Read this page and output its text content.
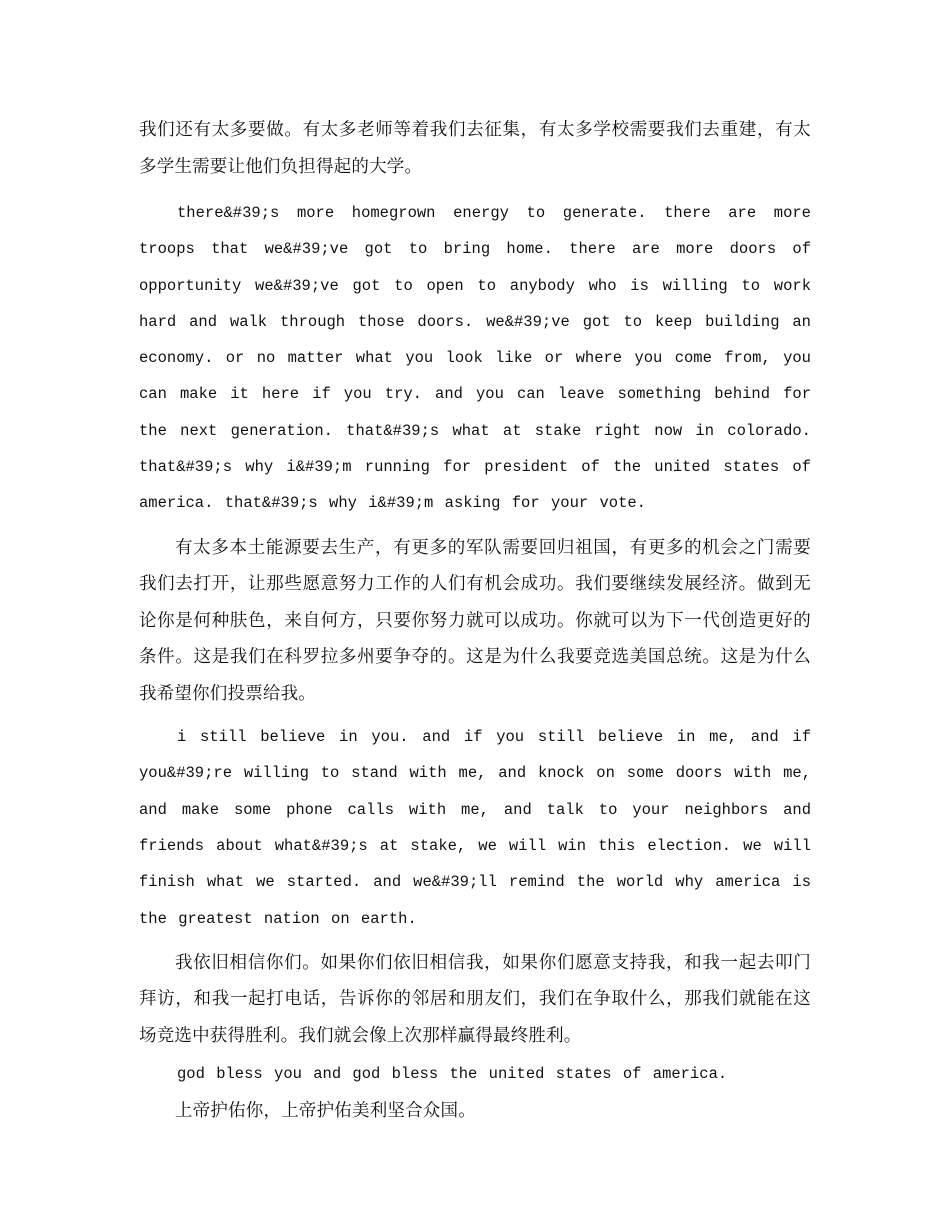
我们还有太多要做。有太多老师等着我们去征集，有太多学校需要我们去重建，有太多学生需要让他们负担得起的大学。

there&#39;s more homegrown energy to generate. there are more troops that we&#39;ve got to bring home. there are more doors of opportunity we&#39;ve got to open to anybody who is willing to work hard and walk through those doors. we&#39;ve got to keep building an economy. or no matter what you look like or where you come from, you can make it here if you try. and you can leave something behind for the next generation. that&#39;s what at stake right now in colorado. that&#39;s why i&#39;m running for president of the united states of america. that&#39;s why i&#39;m asking for your vote.

有太多本土能源要去生产，有更多的军队需要回归祖国，有更多的机会之门需要我们去打开，让那些愿意努力工作的人们有机会成功。我们要继续发展经济。做到无论你是何种肤色，来自何方，只要你努力就可以成功。你就可以为下一代创造更好的条件。这是我们在科罗拉多州要争夺的。这是为什么我要竞选美国总统。这是为什么我希望你们投票给我。

i still believe in you. and if you still believe in me, and if you&#39;re willing to stand with me, and knock on some doors with me, and make some phone calls with me, and talk to your neighbors and friends about what&#39;s at stake, we will win this election. we will finish what we started. and we&#39;ll remind the world why america is the greatest nation on earth.

我依旧相信你们。如果你们依旧相信我，如果你们愿意支持我，和我一起去叩门拜访，和我一起打电话，告诉你的邻居和朋友们，我们在争取什么，那我们就能在这场竞选中获得胜利。我们就会像上次那样赢得最终胜利。

god bless you and god bless the united states of america.

上帝护佑你，上帝护佑美利坚合众国。
